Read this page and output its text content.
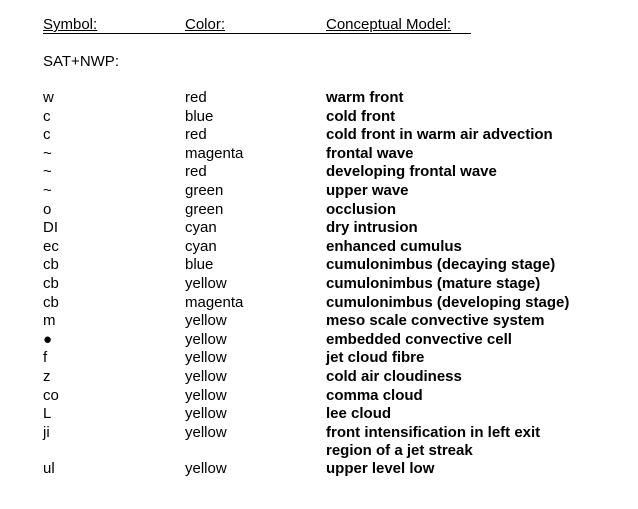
Symbol:	Color:	Conceptual Model:
SAT+NWP:
w	red	warm front
c	blue	cold front
c	red	cold front in warm air advection
~	magenta	frontal wave
~	red	developing frontal wave
~	green	upper wave
o	green	occlusion
DI	cyan	dry intrusion
ec	cyan	enhanced cumulus
cb	blue	cumulonimbus (decaying stage)
cb	yellow	cumulonimbus (mature stage)
cb	magenta	cumulonimbus (developing stage)
m	yellow	meso scale convective system
●	yellow	embedded convective cell
f	yellow	jet cloud fibre
z	yellow	cold air cloudiness
co	yellow	comma cloud
L	yellow	lee cloud
ji	yellow	front intensification in left exit
region of a jet streak
ul	yellow	upper level low
